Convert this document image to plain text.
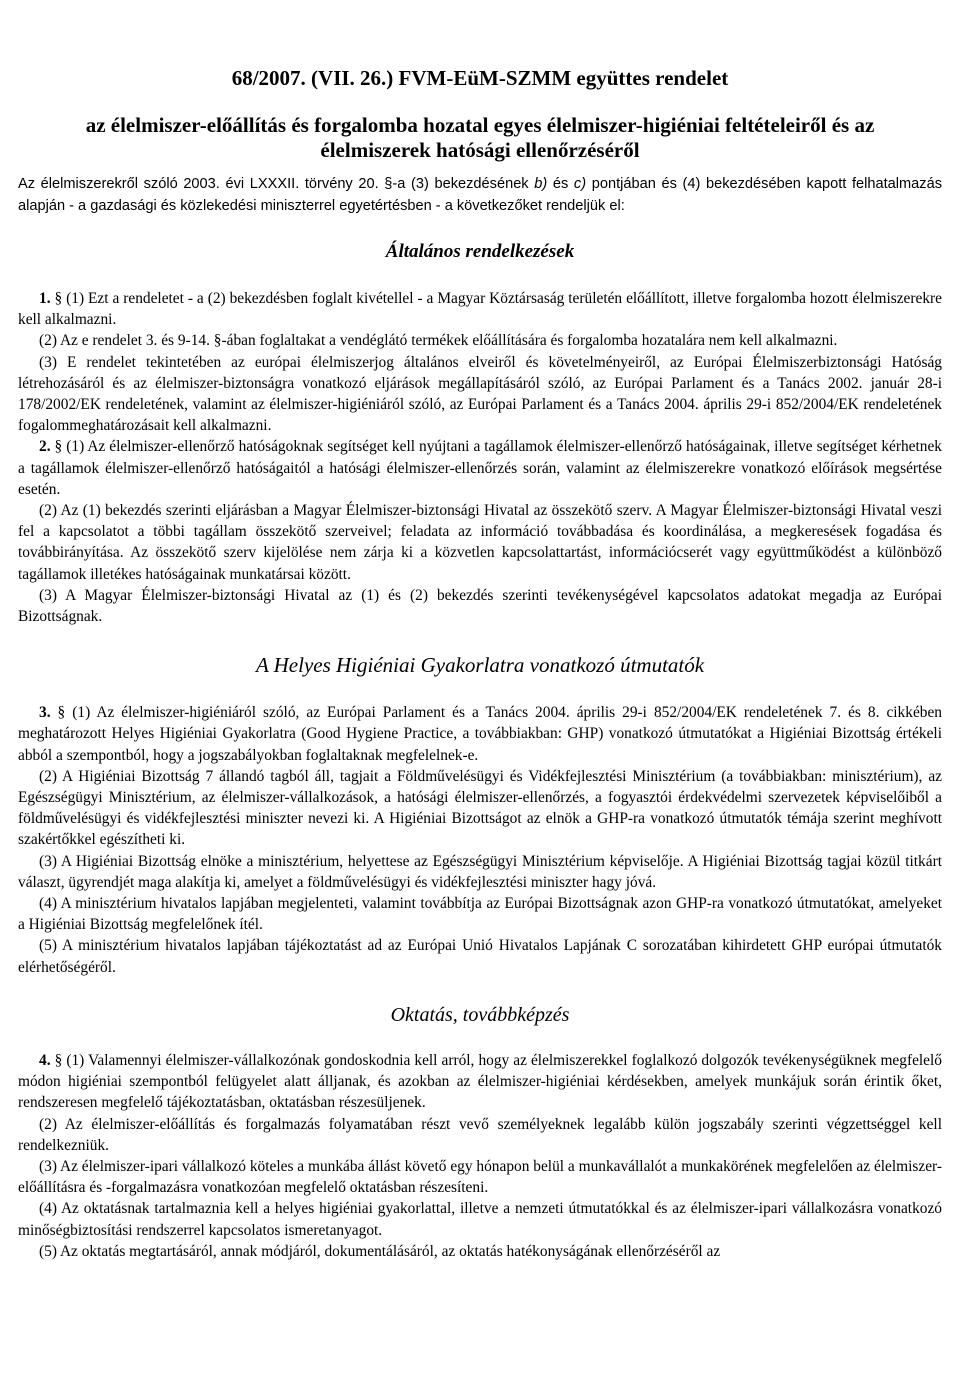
68/2007. (VII. 26.) FVM-EüM-SZMM együttes rendelet
az élelmiszer-előállítás és forgalomba hozatal egyes élelmiszer-higiéniai feltételeiről és az élelmiszerek hatósági ellenőrzéséről

Az élelmiszerekről szóló 2003. évi LXXXII. törvény 20. §-a (3) bekezdésének b) és c) pontjában és (4) bekezdésében kapott felhatalmazás alapján - a gazdasági és közlekedési miniszterrel egyetértésben - a következőket rendeljük el:

Általános rendelkezések

1. § (1) Ezt a rendeletet - a (2) bekezdésben foglalt kivétellel - a Magyar Köztársaság területén előállított, illetve forgalomba hozott élelmiszerekre kell alkalmazni.

(2) Az e rendelet 3. és 9-14. §-ában foglaltakat a vendéglátó termékek előállítására és forgalomba hozatalára nem kell alkalmazni.

(3) E rendelet tekintetében az európai élelmiszerjog általános elveiről és követelményeiről, az Európai Élelmiszerbiztonsági Hatóság létrehozásáról és az élelmiszer-biztonságra vonatkozó eljárások megállapításáról szóló, az Európai Parlament és a Tanács 2002. január 28-i 178/2002/EK rendeletének, valamint az élelmiszer-higiéniáról szóló, az Európai Parlament és a Tanács 2004. április 29-i 852/2004/EK rendeletének fogalommeghatározásait kell alkalmazni.

2. § (1) Az élelmiszer-ellenőrző hatóságoknak segítséget kell nyújtani a tagállamok élelmiszer-ellenőrző hatóságainak, illetve segítséget kérhetnek a tagállamok élelmiszer-ellenőrző hatóságaitól a hatósági élelmiszer-ellenőrzés során, valamint az élelmiszerekre vonatkozó előírások megsértése esetén.

(2) Az (1) bekezdés szerinti eljárásban a Magyar Élelmiszer-biztonsági Hivatal az összekötő szerv. A Magyar Élelmiszer-biztonsági Hivatal veszi fel a kapcsolatot a többi tagállam összekötő szerveivel; feladata az információ továbbadása és koordinálása, a megkeresések fogadása és továbbirányítása. Az összekötő szerv kijelölése nem zárja ki a közvetlen kapcsolattartást, információcserét vagy együttműködést a különböző tagállamok illetékes hatóságainak munkatársai között.

(3) A Magyar Élelmiszer-biztonsági Hivatal az (1) és (2) bekezdés szerinti tevékenységével kapcsolatos adatokat megadja az Európai Bizottságnak.

A Helyes Higiéniai Gyakorlatra vonatkozó útmutatók

3. § (1) Az élelmiszer-higiéniáról szóló, az Európai Parlament és a Tanács 2004. április 29-i 852/2004/EK rendeletének 7. és 8. cikkében meghatározott Helyes Higiéniai Gyakorlatra (Good Hygiene Practice, a továbbiakban: GHP) vonatkozó útmutatókat a Higiéniai Bizottság értékeli abból a szempontból, hogy a jogszabályokban foglaltaknak megfelelnek-e.

(2) A Higiéniai Bizottság 7 állandó tagból áll, tagjait a Földművelésügyi és Vidékfejlesztési Minisztérium (a továbbiakban: minisztérium), az Egészségügyi Minisztérium, az élelmiszer-vállalkozások, a hatósági élelmiszer-ellenőrzés, a fogyasztói érdekvédelmi szervezetek képviselőiből a földművelésügyi és vidékfejlesztési miniszter nevezi ki. A Higiéniai Bizottságot az elnök a GHP-ra vonatkozó útmutatók témája szerint meghívott szakértőkkel egészítheti ki.

(3) A Higiéniai Bizottság elnöke a minisztérium, helyettese az Egészségügyi Minisztérium képviselője. A Higiéniai Bizottság tagjai közül titkárt választ, ügyrendjét maga alakítja ki, amelyet a földművelésügyi és vidékfejlesztési miniszter hagy jóvá.

(4) A minisztérium hivatalos lapjában megjelenteti, valamint továbbítja az Európai Bizottságnak azon GHP-ra vonatkozó útmutatókat, amelyeket a Higiéniai Bizottság megfelelőnek ítél.

(5) A minisztérium hivatalos lapjában tájékoztatást ad az Európai Unió Hivatalos Lapjának C sorozatában kihirdetett GHP európai útmutatók elérhetőségéről.

Oktatás, továbbképzés

4. § (1) Valamennyi élelmiszer-vállalkozónak gondoskodnia kell arról, hogy az élelmiszerekkel foglalkozó dolgozók tevékenységüknek megfelelő módon higiéniai szempontból felügyelet alatt álljanak, és azokban az élelmiszer-higiéniai kérdésekben, amelyek munkájuk során érintik őket, rendszeresen megfelelő tájékoztatásban, oktatásban részesüljenek.

(2) Az élelmiszer-előállítás és forgalmazás folyamatában részt vevő személyeknek legalább külön jogszabály szerinti végzettséggel kell rendelkezniük.

(3) Az élelmiszer-ipari vállalkozó köteles a munkába állást követő egy hónapon belül a munkavállalót a munkakörének megfelelően az élelmiszer-előállításra és -forgalmazásra vonatkozóan megfelelő oktatásban részesíteni.

(4) Az oktatásnak tartalmaznia kell a helyes higiéniai gyakorlattal, illetve a nemzeti útmutatókkal és az élelmiszer-ipari vállalkozásra vonatkozó minőségbiztosítási rendszerrel kapcsolatos ismeretanyagot.

(5) Az oktatás megtartásáról, annak módjáról, dokumentálásáról, az oktatás hatékonyságának ellenőrzéséről az
